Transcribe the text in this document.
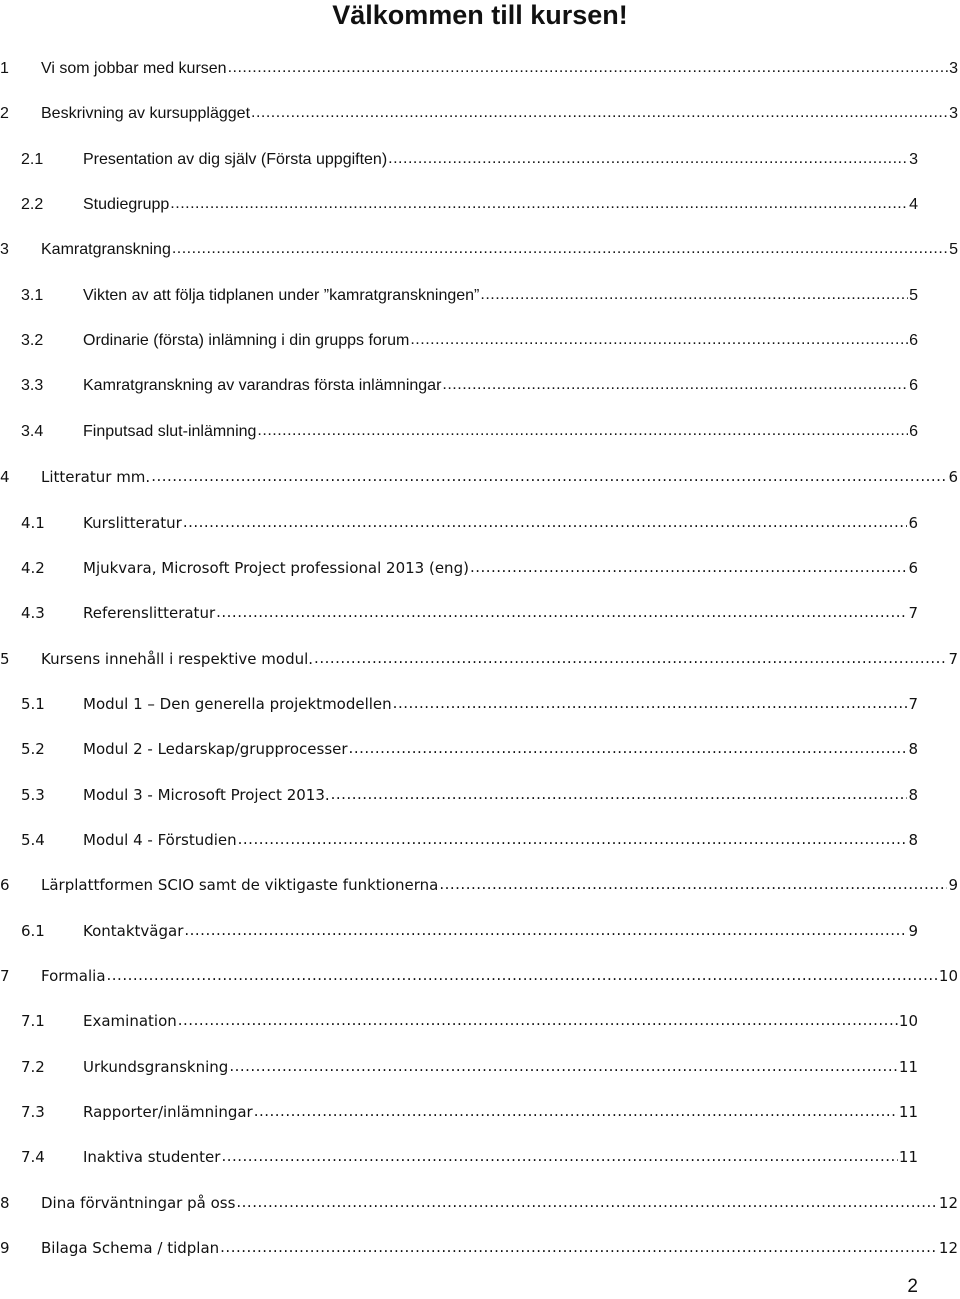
Välkommen till kursen!
1	Vi som jobbar med kursen .....	3
2	Beskrivning av kursupplägget .....	3
2.1	Presentation av dig själv (Första uppgiften) .....	3
2.2	Studiegrupp .....	4
3	Kamratgranskning .....	5
3.1	Vikten av att följa tidplanen under ”kamratgranskningen” .....	5
3.2	Ordinarie (första) inlämning i din grupps forum .....	6
3.3	Kamratgranskning av varandras första inlämningar .....	6
3.4	Finputsad slut-inlämning .....	6
4	Litteratur mm. .....	6
4.1	Kurslitteratur .....	6
4.2	Mjukvara, Microsoft Project professional 2013 (eng) .....	6
4.3	Referenslitteratur .....	7
5	Kursens innehåll i respektive modul. .....	7
5.1	Modul 1 – Den generella projektmodellen .....	7
5.2	Modul 2 - Ledarskap/grupprocesser .....	8
5.3	Modul 3 - Microsoft Project 2013. .....	8
5.4	Modul 4 - Förstudien .....	8
6	Lärplattformen SCIO samt de viktigaste funktionerna .....	9
6.1	Kontaktvägar .....	9
7	Formalia .....	10
7.1	Examination .....	10
7.2	Urkundsgranskning .....	11
7.3	Rapporter/inlämningar .....	11
7.4	Inaktiva studenter .....	11
8	Dina förväntningar på oss .....	12
9	Bilaga Schema / tidplan .....	12
2
